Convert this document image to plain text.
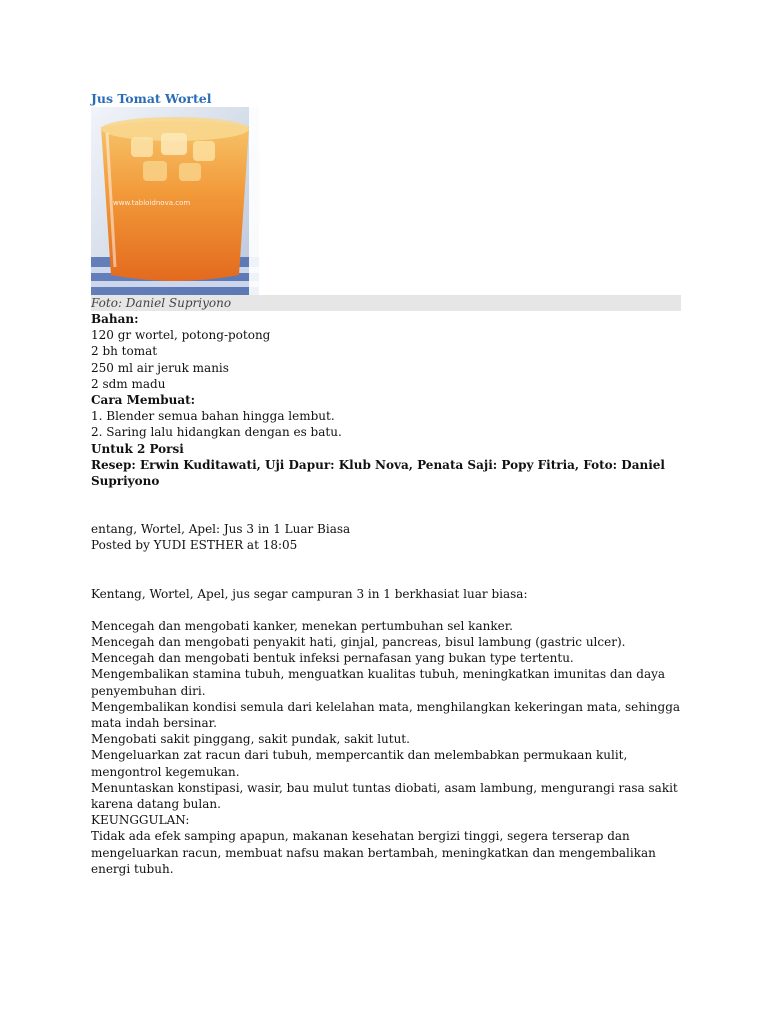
Jus Tomat Wortel
www.tabloidnova.com
Foto: Daniel Supriyono
Bahan:
120 gr wortel, potong-potong
2 bh tomat
250 ml air jeruk manis
2 sdm madu
Cara Membuat:
1. Blender semua bahan hingga lembut.
2. Saring lalu hidangkan dengan es batu.
Untuk 2 Porsi
Resep: Erwin Kuditawati, Uji Dapur: Klub Nova, Penata Saji: Popy Fitria, Foto: Daniel Supriyono
entang, Wortel, Apel: Jus 3 in 1 Luar Biasa
Posted by YUDI ESTHER at 18:05
Kentang, Wortel, Apel, jus segar campuran 3 in 1 berkhasiat luar biasa:
Mencegah dan mengobati kanker, menekan pertumbuhan sel kanker.
Mencegah dan mengobati penyakit hati, ginjal, pancreas, bisul lambung (gastric ulcer).
Mencegah dan mengobati bentuk infeksi pernafasan yang bukan type tertentu.
Mengembalikan stamina tubuh, menguatkan kualitas tubuh, meningkatkan imunitas dan daya penyembuhan diri.
Mengembalikan kondisi semula dari kelelahan mata, menghilangkan kekeringan mata, sehingga mata indah bersinar.
Mengobati sakit pinggang, sakit pundak, sakit lutut.
Mengeluarkan zat racun dari tubuh, mempercantik dan melembabkan permukaan kulit, mengontrol kegemukan.
Menuntaskan konstipasi, wasir, bau mulut tuntas diobati, asam lambung, mengurangi rasa sakit karena datang bulan.
KEUNGGULAN:
Tidak ada efek samping apapun, makanan kesehatan bergizi tinggi, segera terserap dan mengeluarkan racun, membuat nafsu makan bertambah, meningkatkan dan mengembalikan energi tubuh.
